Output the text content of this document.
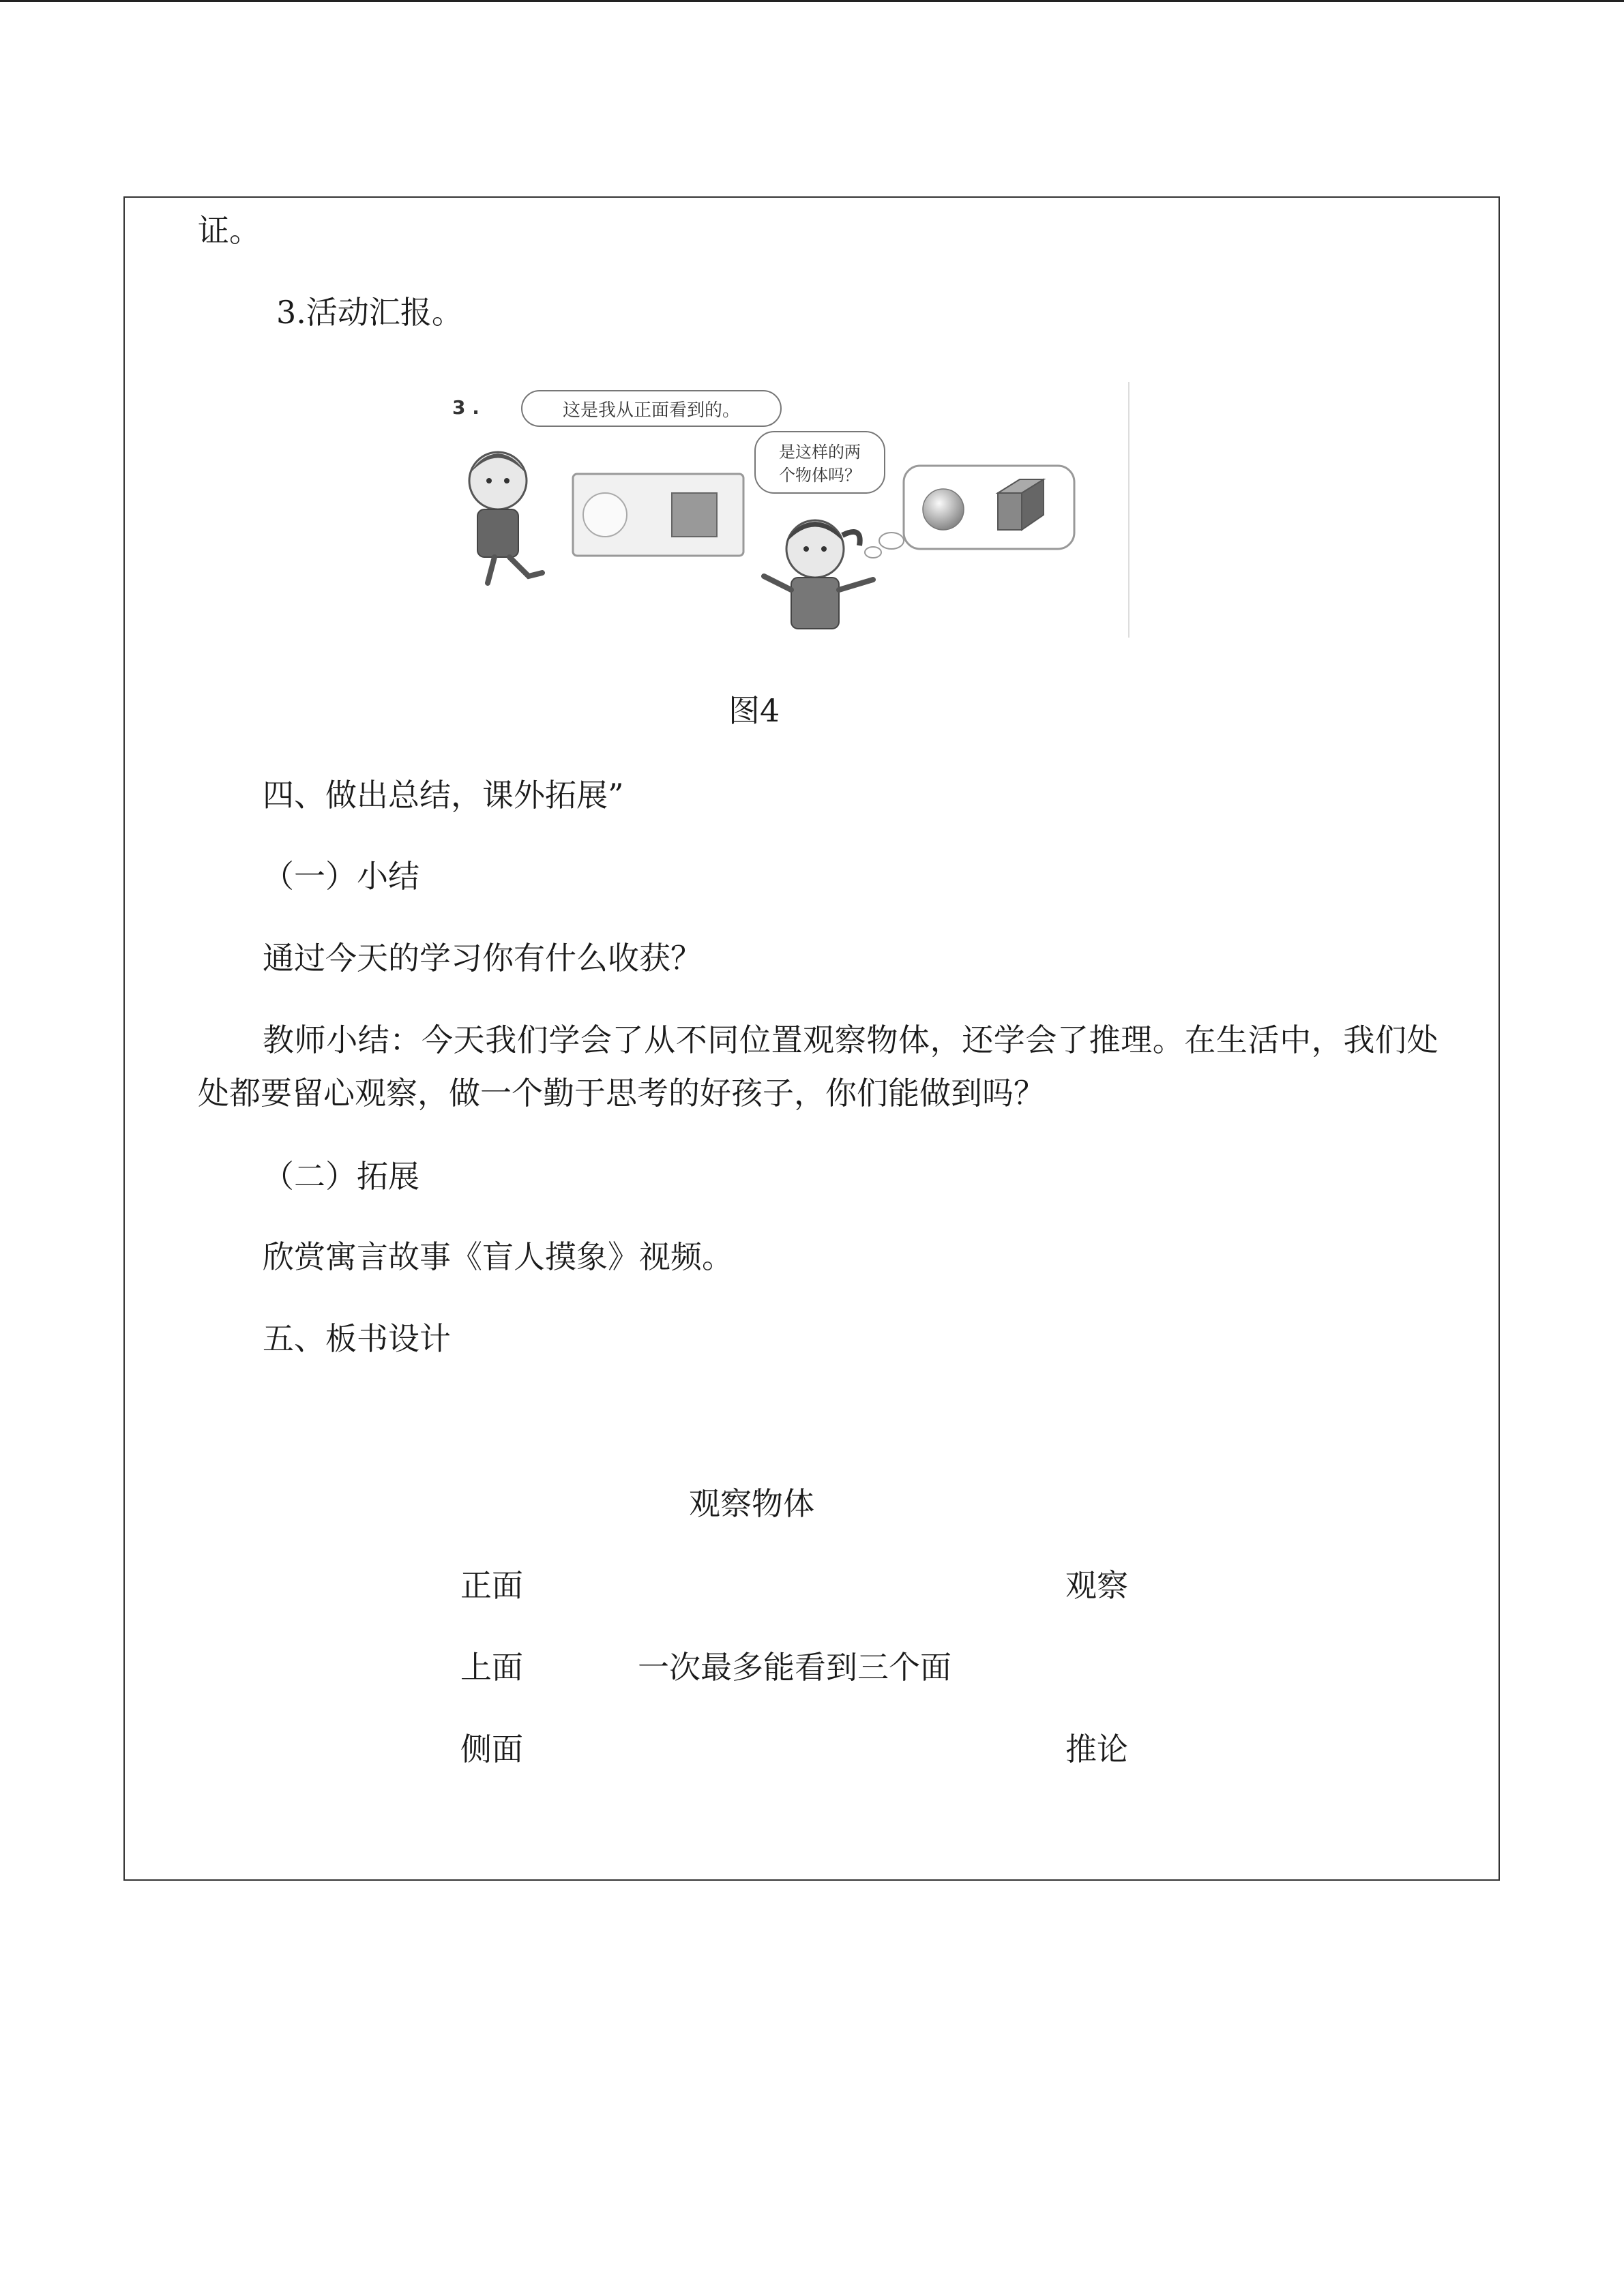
证。
3.活动汇报。
3 .	这是我从正面看到的。
是这样的两
个物体吗？
图4
四、做出总结，课外拓展”
（一）小结
通过今天的学习你有什么收获？
教师小结：今天我们学会了从不同位置观察物体，还学会了推理。在生活中，我们处
处都要留心观察，做一个勤于思考的好孩子，你们能做到吗？
（二）拓展
欣赏寓言故事《盲人摸象》视频。
五、板书设计
观察物体
正面	观察
上面	一次最多能看到三个面
侧面	推论
